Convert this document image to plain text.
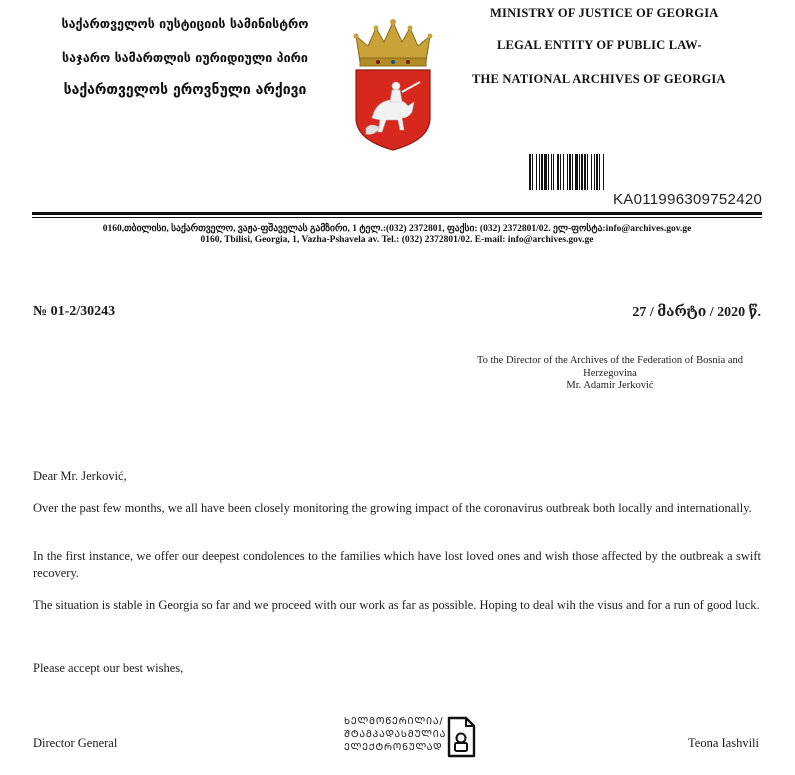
საქართველოს იუსტიციის სამინისტრო
საჯარო სამართლის იურიდიული პირი
საქართველოს ეროვნული არქივი
MINISTRY OF JUSTICE OF GEORGIA
LEGAL ENTITY OF PUBLIC LAW-
THE NATIONAL ARCHIVES OF GEORGIA
KA011996309752420
0160,თბილისი, საქართველო, ვაჟა-ფშაველას გამზირი, 1 ტელ.:(032) 2372801, ფაქსი: (032) 2372801/02. ელ-ფოსტა:info@archives.gov.ge
0160, Tbilisi, Georgia, 1, Vazha-Pshavela av. Tel.: (032) 2372801/02. E-mail: info@archives.gov.ge
№ 01-2/30243	27 / მარტი / 2020 წ.
To the Director of the Archives of the Federation of Bosnia and
Herzegovina
Mr. Adamir Jerković
Dear Mr. Jerković,
Over the past few months, we all have been closely monitoring the growing impact of the coronavirus outbreak both locally and internationally.
In the first instance, we offer our deepest condolences to the families which have lost loved ones and wish those affected by the outbreak a swift recovery.
The situation is stable in Georgia so far and we proceed with our work as far as possible. Hoping to deal wih the visus and for a run of good luck.
Please accept our best wishes,
Director General
ᲮᲔᲚᲛᲝᲬᲔᲠᲘᲚᲘᲐ/
ᲨᲢᲐᲛᲞᲐᲓᲐᲡᲛᲣᲚᲘᲐ
ᲔᲚᲔᲥᲢᲠᲝᲜᲣᲚᲐᲓ	Teona Iashvili
